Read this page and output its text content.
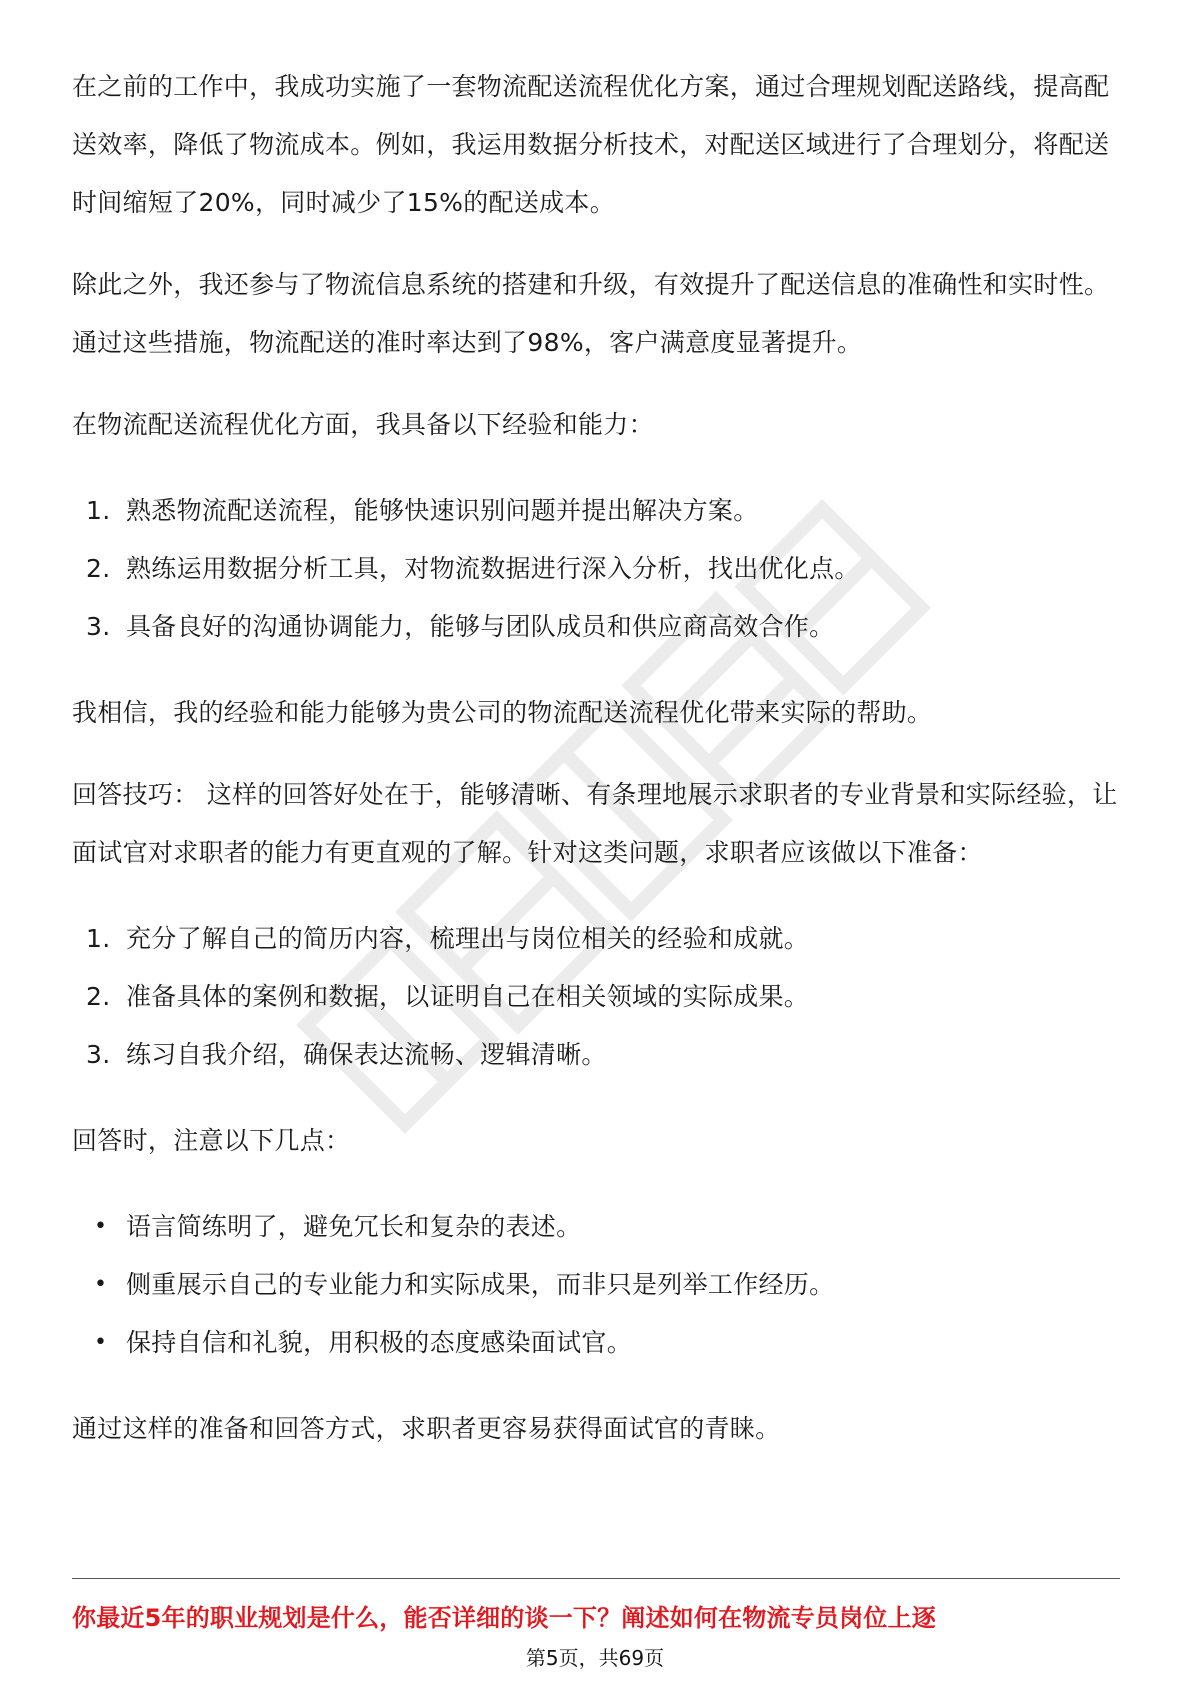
在之前的工作中，我成功实施了一套物流配送流程优化方案，通过合理规划配送路线，提高配送效率，降低了物流成本。例如，我运用数据分析技术，对配送区域进行了合理划分，将配送时间缩短了20%，同时减少了15%的配送成本。

除此之外，我还参与了物流信息系统的搭建和升级，有效提升了配送信息的准确性和实时性。通过这些措施，物流配送的准时率达到了98%，客户满意度显著提升。

在物流配送流程优化方面，我具备以下经验和能力：

1. 熟悉物流配送流程，能够快速识别问题并提出解决方案。
2. 熟练运用数据分析工具，对物流数据进行深入分析，找出优化点。
3. 具备良好的沟通协调能力，能够与团队成员和供应商高效合作。

我相信，我的经验和能力能够为贵公司的物流配送流程优化带来实际的帮助。

回答技巧： 这样的回答好处在于，能够清晰、有条理地展示求职者的专业背景和实际经验，让面试官对求职者的能力有更直观的了解。针对这类问题，求职者应该做以下准备：

1. 充分了解自己的简历内容，梳理出与岗位相关的经验和成就。
2. 准备具体的案例和数据，以证明自己在相关领域的实际成果。
3. 练习自我介绍，确保表达流畅、逻辑清晰。

回答时，注意以下几点：

• 语言简练明了，避免冗长和复杂的表述。
• 侧重展示自己的专业能力和实际成果，而非只是列举工作经历。
• 保持自信和礼貌，用积极的态度感染面试官。

通过这样的准备和回答方式，求职者更容易获得面试官的青睐。

你最近5年的职业规划是什么，能否详细的谈一下？阐述如何在物流专员岗位上逐
第5页，共69页
